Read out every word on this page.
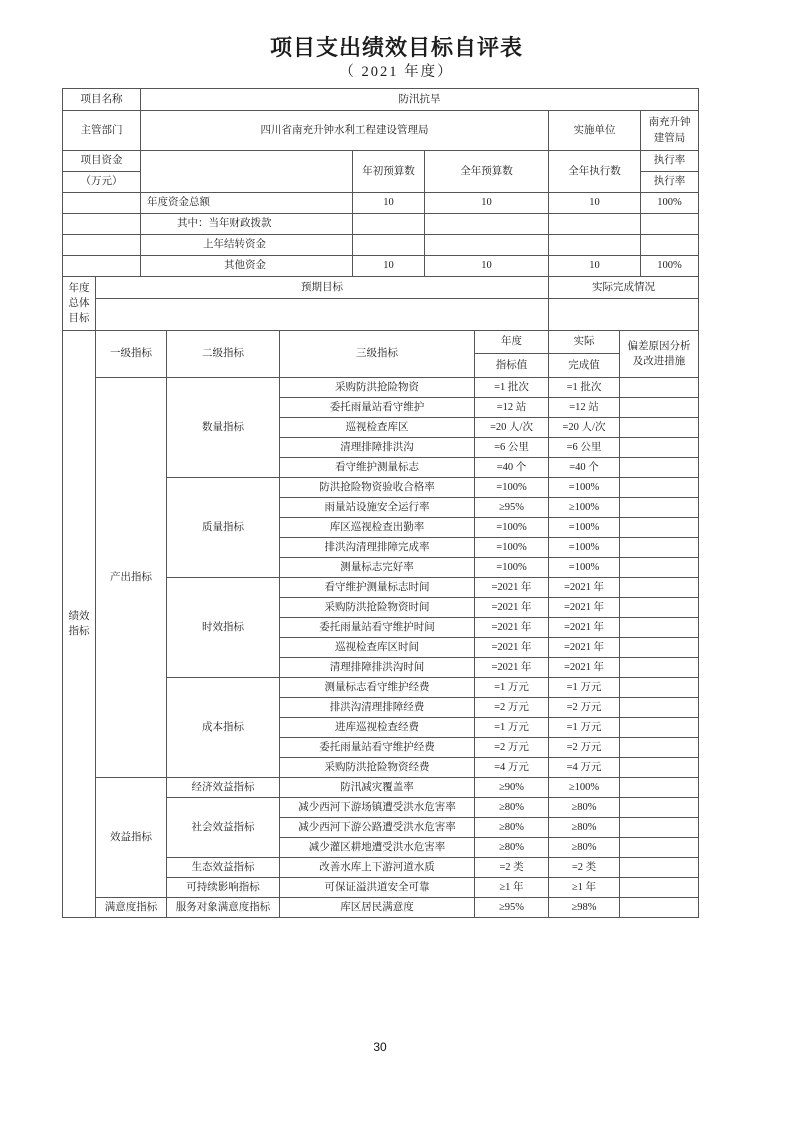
项目支出绩效目标自评表
（ 2021 年度）
项目名称		防汛抗旱								
主管部门		四川省南充升钟水利工程建设管理局						实施单位		南充升钟
建管局

项目资金					年初预算数	全年预算数		全年执行数		执行率
（万元）										执行率
		年度资金总额			10	10		10		100%
		其中：当年财政拨款								
		上年结转资金								
		其他资金			10	10		10		100%

年度
总体
目标	预期目标							实际完成情况		

绩效
指标
	一级指标	二级指标	三级指标	年度	实际	偏差原因分析
及改进措施

							指标值	完成值		
	产出指标		数量指标	采购防洪抢险物资			=1 批次	=1 批次		
				委托雨量站看守维护			=12 站	=12 站		
				巡视检查库区			=20 人/次	=20 人/次		
				清理排障排洪沟			=6 公里	=6 公里		
				看守维护测量标志			=40 个	=40 个		
			质量指标	防洪抢险物资验收合格率			=100%	=100%		
				雨量站设施安全运行率			≥95%	≥100%		
				库区巡视检查出勤率			=100%	=100%		
				排洪沟清理排障完成率			=100%	=100%		
				测量标志完好率			=100%	=100%		
			时效指标	看守维护测量标志时间			=2021 年	=2021 年		
				采购防洪抢险物资时间			=2021 年	=2021 年		
				委托雨量站看守维护时间			=2021 年	=2021 年		
				巡视检查库区时间			=2021 年	=2021 年		
				清理排障排洪沟时间			=2021 年	=2021 年		
			成本指标	测量标志看守维护经费			=1 万元	=1 万元		
				排洪沟清理排障经费			=2 万元	=2 万元		
				进库巡视检查经费			=1 万元	=1 万元		
				委托雨量站看守维护经费			=2 万元	=2 万元		
				采购防洪抢险物资经费			=4 万元	=4 万元		
	效益指标		经济效益指标	防汛减灾覆盖率			≥90%	≥100%		
			社会效益指标	减少西河下游场镇遭受洪水危害率			≥80%	≥80%		
				减少西河下游公路遭受洪水危害率			≥80%	≥80%		
				减少灌区耕地遭受洪水危害率			≥80%	≥80%		
			生态效益指标	改善水库上下游河道水质			=2 类	=2 类		
			可持续影响指标	可保证溢洪道安全可靠			≥1 年	≥1 年		
	满意度指标		服务对象满意度指标	库区居民满意度			≥95%	≥98%		
30
